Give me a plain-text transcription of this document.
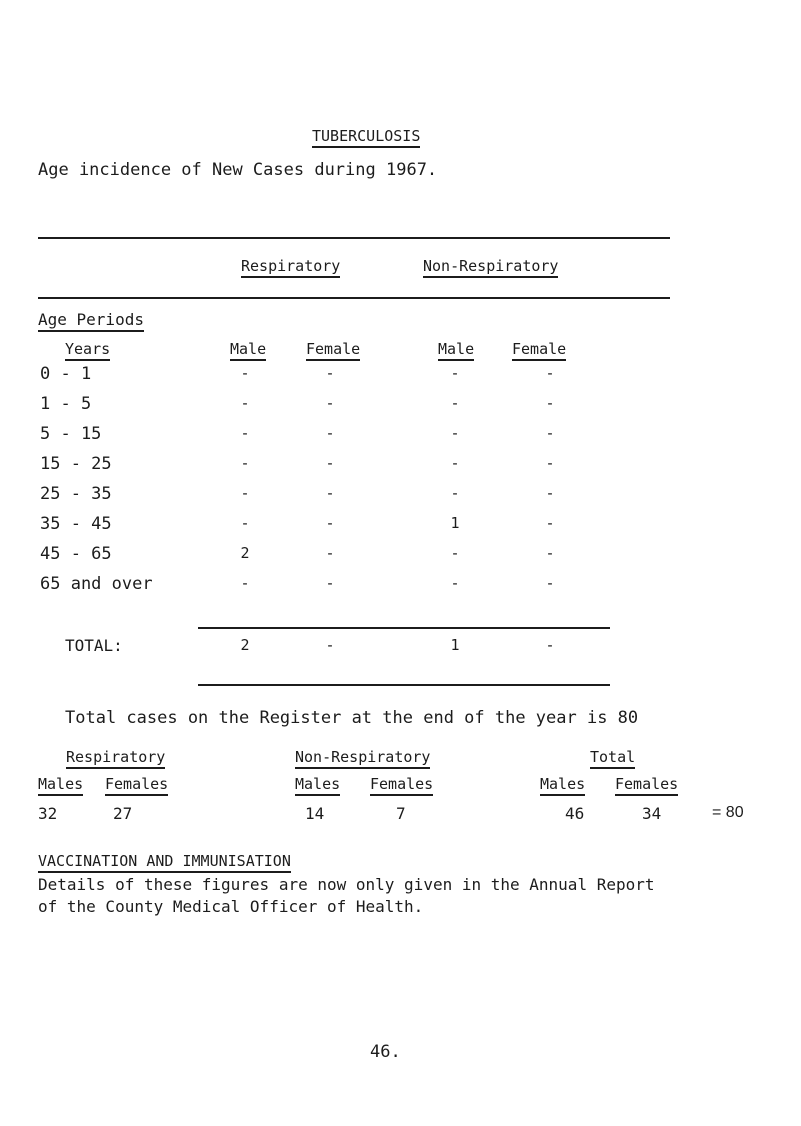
TUBERCULOSIS
Age incidence of New Cases during 1967.
Respiratory	Non-Respiratory
Age Periods
Years	Male	Female	Male	Female
0 - 1	-	-	-	-
1 - 5	-	-	-	-
5 - 15	-	-	-	-
15 - 25	-	-	-	-
25 - 35	-	-	-	-
35 - 45	-	-	1	-
45 - 65	2	-	-	-
65 and over	-	-	-	-
TOTAL:	2	-	1	-
Total cases on the Register at the end of the year is 80
Respiratory	Non-Respiratory	Total
Males Females	Males Females	Males Females
32	27	14	7	46	34	= 80
VACCINATION AND IMMUNISATION
Details of these figures are now only given in the Annual Report
of the County Medical Officer of Health.
46.
